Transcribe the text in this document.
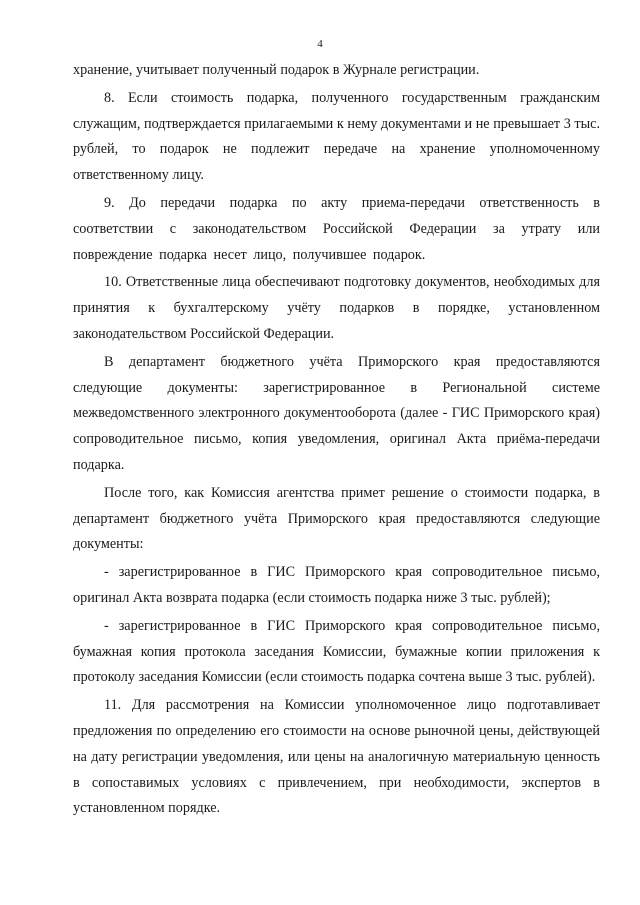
4

хранение, учитывает полученный подарок в Журнале регистрации.

8. Если стоимость подарка, полученного государственным гражданским служащим, подтверждается прилагаемыми к нему документами и не превышает 3 тыс. рублей, то подарок не подлежит передаче на хранение уполномоченному ответственному лицу.

9. До передачи подарка по акту приема-передачи ответственность в соответствии с законодательством Российской Федерации за утрату или повреждение подарка несет лицо, получившее подарок.

10. Ответственные лица обеспечивают подготовку документов, необходимых для принятия к бухгалтерскому учёту подарков в порядке, установленном законодательством Российской Федерации.

В департамент бюджетного учёта Приморского края предоставляются следующие документы: зарегистрированное в Региональной системе межведомственного электронного документооборота (далее - ГИС Приморского края) сопроводительное письмо, копия уведомления, оригинал Акта приёма-передачи подарка.

После того, как Комиссия агентства примет решение о стоимости подарка, в департамент бюджетного учёта Приморского края предоставляются следующие документы:

- зарегистрированное в ГИС Приморского края сопроводительное письмо, оригинал Акта возврата подарка (если стоимость подарка ниже 3 тыс. рублей);

- зарегистрированное в ГИС Приморского края сопроводительное письмо, бумажная копия протокола заседания Комиссии, бумажные копии приложения к протоколу заседания Комиссии (если стоимость подарка сочтена выше 3 тыс. рублей).

11. Для рассмотрения на Комиссии уполномоченное лицо подготавливает предложения по определению его стоимости на основе рыночной цены, действующей на дату регистрации уведомления, или цены на аналогичную материальную ценность в сопоставимых условиях с привлечением, при необходимости, экспертов в установленном порядке.
